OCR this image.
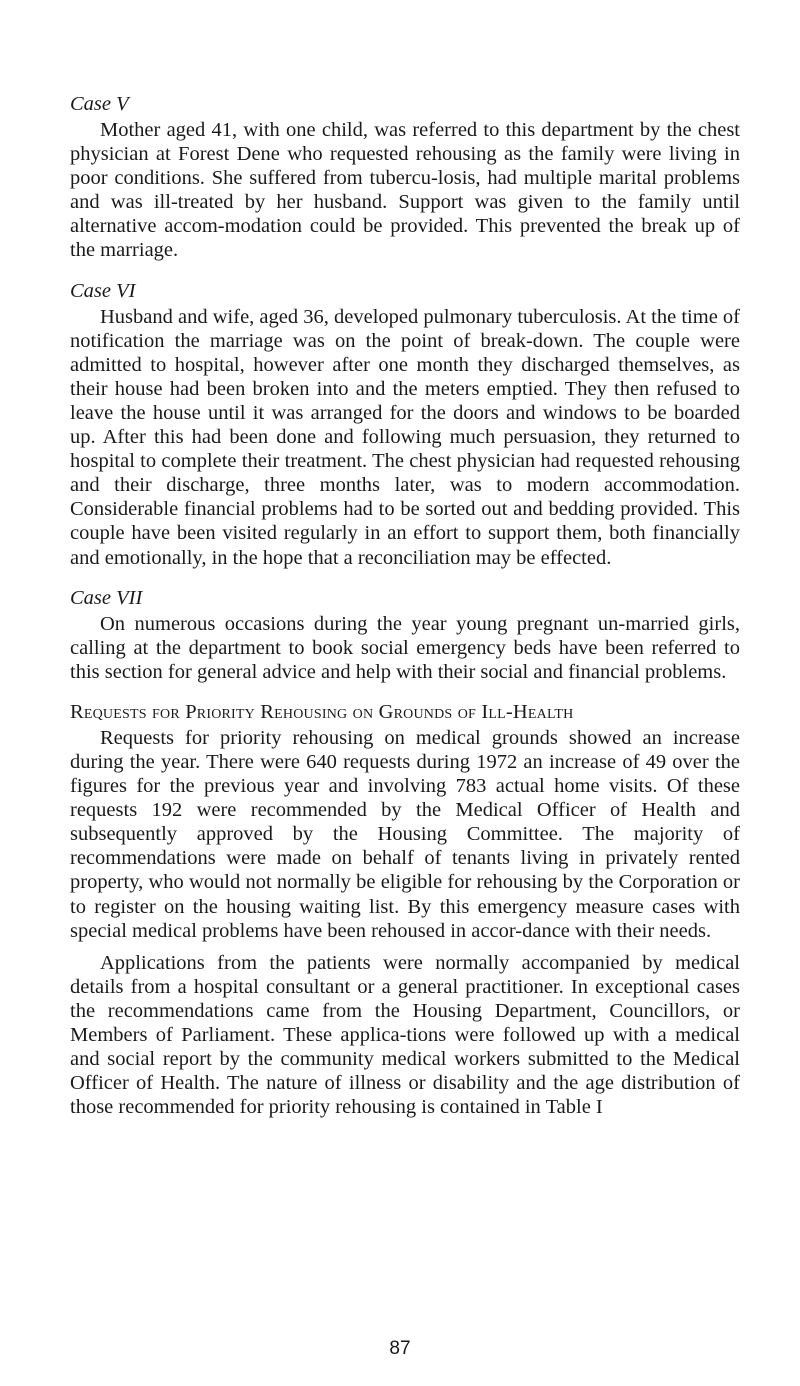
Case V

Mother aged 41, with one child, was referred to this department by the chest physician at Forest Dene who requested rehousing as the family were living in poor conditions. She suffered from tubercu-losis, had multiple marital problems and was ill-treated by her husband. Support was given to the family until alternative accom-modation could be provided. This prevented the break up of the marriage.

Case VI

Husband and wife, aged 36, developed pulmonary tuberculosis. At the time of notification the marriage was on the point of break-down. The couple were admitted to hospital, however after one month they discharged themselves, as their house had been broken into and the meters emptied. They then refused to leave the house until it was arranged for the doors and windows to be boarded up. After this had been done and following much persuasion, they returned to hospital to complete their treatment. The chest physician had requested rehousing and their discharge, three months later, was to modern accommodation. Considerable financial problems had to be sorted out and bedding provided. This couple have been visited regularly in an effort to support them, both financially and emotionally, in the hope that a reconciliation may be effected.

Case VII

On numerous occasions during the year young pregnant un-married girls, calling at the department to book social emergency beds have been referred to this section for general advice and help with their social and financial problems.

Requests for Priority Rehousing on Grounds of Ill-Health

Requests for priority rehousing on medical grounds showed an increase during the year. There were 640 requests during 1972 an increase of 49 over the figures for the previous year and involving 783 actual home visits. Of these requests 192 were recommended by the Medical Officer of Health and subsequently approved by the Housing Committee. The majority of recommendations were made on behalf of tenants living in privately rented property, who would not normally be eligible for rehousing by the Corporation or to register on the housing waiting list. By this emergency measure cases with special medical problems have been rehoused in accor-dance with their needs.

Applications from the patients were normally accompanied by medical details from a hospital consultant or a general practitioner. In exceptional cases the recommendations came from the Housing Department, Councillors, or Members of Parliament. These applica-tions were followed up with a medical and social report by the community medical workers submitted to the Medical Officer of Health. The nature of illness or disability and the age distribution of those recommended for priority rehousing is contained in Table I

87
